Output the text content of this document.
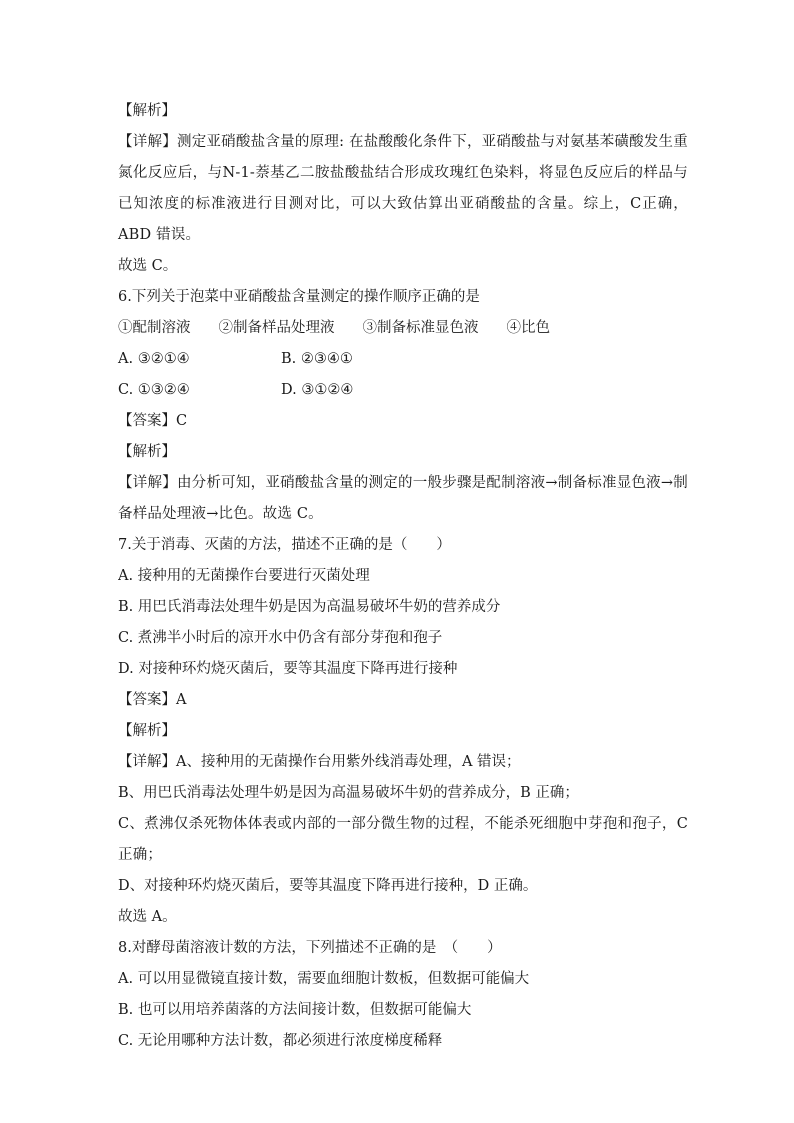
【解析】
【详解】测定亚硝酸盐含量的原理: 在盐酸酸化条件下，亚硝酸盐与对氨基苯磺酸发生重氮化反应后，与N-1-萘基乙二胺盐酸盐结合形成玫瑰红色染料，将显色反应后的样品与已知浓度的标准液进行目测对比，可以大致估算出亚硝酸盐的含量。综上，C正确，ABD 错误。
故选 C。
6.下列关于泡菜中亚硝酸盐含量测定的操作顺序正确的是
①配制溶液 ②制备样品处理液 ③制备标准显色液 ④比色
A. ③②①④	B. ②③④①
C. ①③②④	D. ③①②④
【答案】C
【解析】
【详解】由分析可知，亚硝酸盐含量的测定的一般步骤是配制溶液→制备标准显色液→制备样品处理液→比色。故选 C。
7.关于消毒、灭菌的方法，描述不正确的是（　　）
A. 接种用的无菌操作台要进行灭菌处理
B. 用巴氏消毒法处理牛奶是因为高温易破坏牛奶的营养成分
C. 煮沸半小时后的凉开水中仍含有部分芽孢和孢子
D. 对接种环灼烧灭菌后，要等其温度下降再进行接种
【答案】A
【解析】
【详解】A、接种用的无菌操作台用紫外线消毒处理，A 错误；
B、用巴氏消毒法处理牛奶是因为高温易破坏牛奶的营养成分，B 正确；
C、煮沸仅杀死物体体表或内部的一部分微生物的过程，不能杀死细胞中芽孢和孢子，C 正确；
D、对接种环灼烧灭菌后，要等其温度下降再进行接种，D 正确。
故选 A。
8.对酵母菌溶液计数的方法，下列描述不正确的是　（　　）
A. 可以用显微镜直接计数，需要血细胞计数板，但数据可能偏大
B. 也可以用培养菌落的方法间接计数，但数据可能偏大
C. 无论用哪种方法计数，都必须进行浓度梯度稀释
